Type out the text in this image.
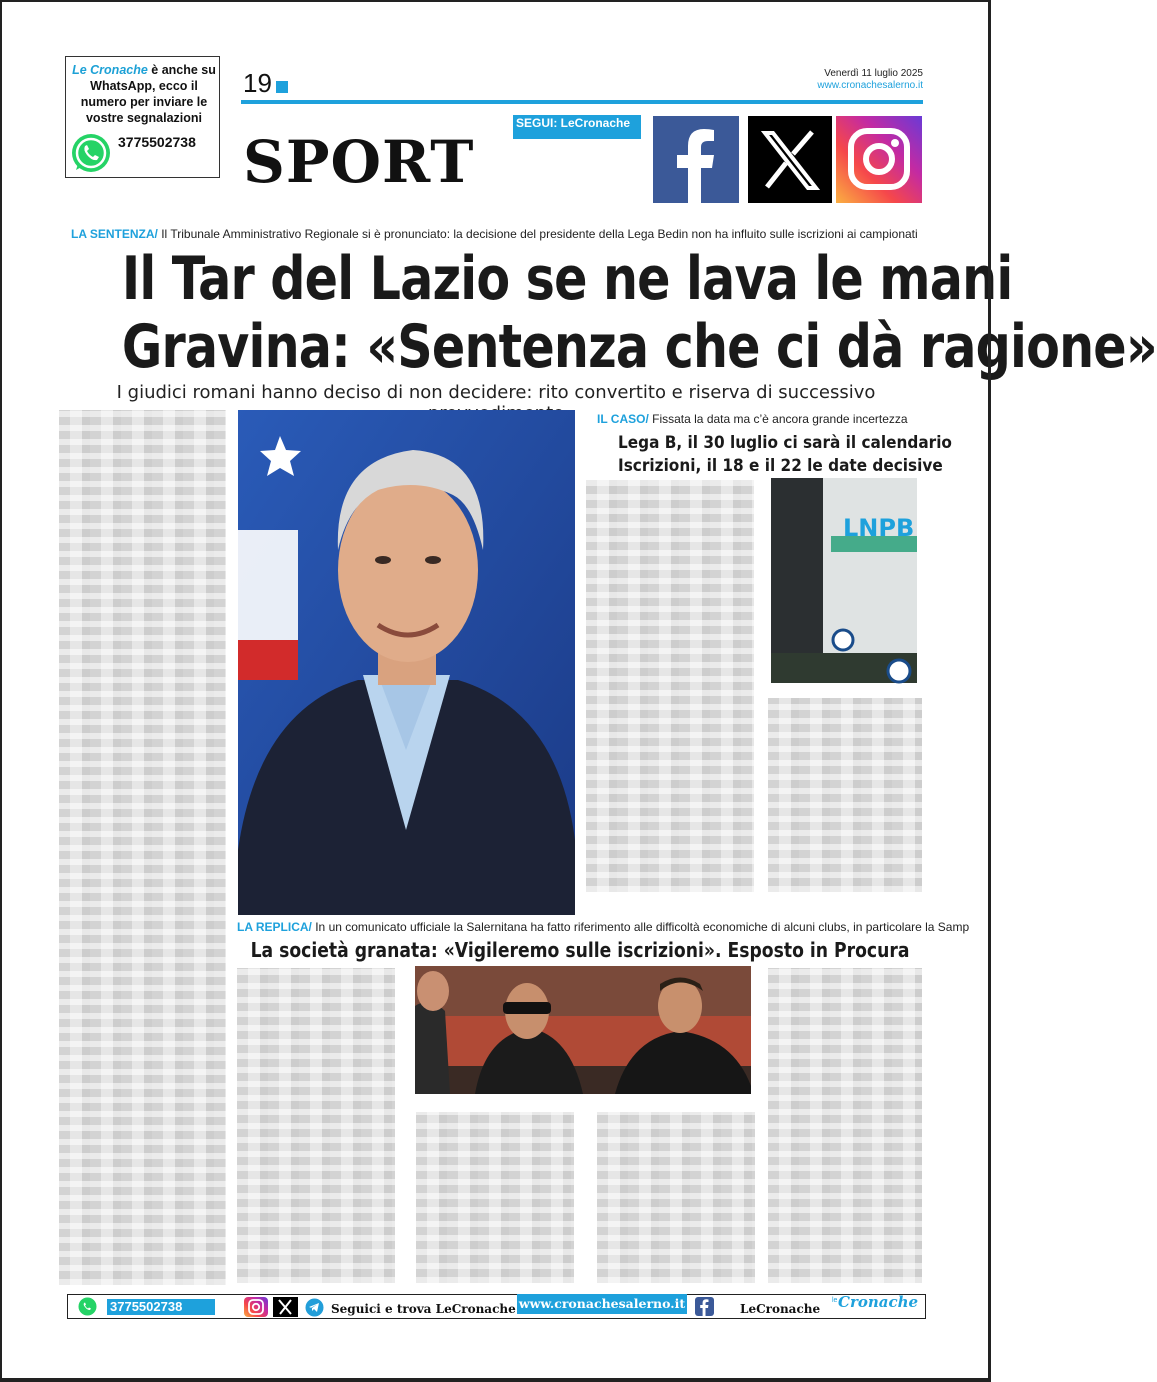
Le Cronache è anche su WhatsApp, ecco il numero per inviare le vostre segnalazioni
3775502738
19	Venerdì 11 luglio 2025
www.cronachesalerno.it
SPORT
SEGUI: LeCronache
LA SENTENZA/ Il Tribunale Amministrativo Regionale si è pronunciato: la decisione del presidente della Lega Bedin non ha influito sulle iscrizioni ai campionati
Il Tar del Lazio se ne lava le mani
Gravina: «Sentenza che ci dà ragione»
I giudici romani hanno deciso di non decidere: rito convertito e riserva di successivo
IL CASO/ Fissata la data ma c’è ancora grande incertezza
Lega B, il 30 luglio ci sarà il calendario
Iscrizioni, il 18 e il 22 le date decisive
LNPB
LA REPLICA/ In un comunicato ufficiale la Salernitana ha fatto riferimento alle difficoltà economiche di alcuni clubs, in particolare la Samp
La società granata: «Vigileremo sulle iscrizioni». Esposto in Procura
3775502738	Seguici e trova LeCronache www.cronachesalerno.it	LeCronache
le Cronache
